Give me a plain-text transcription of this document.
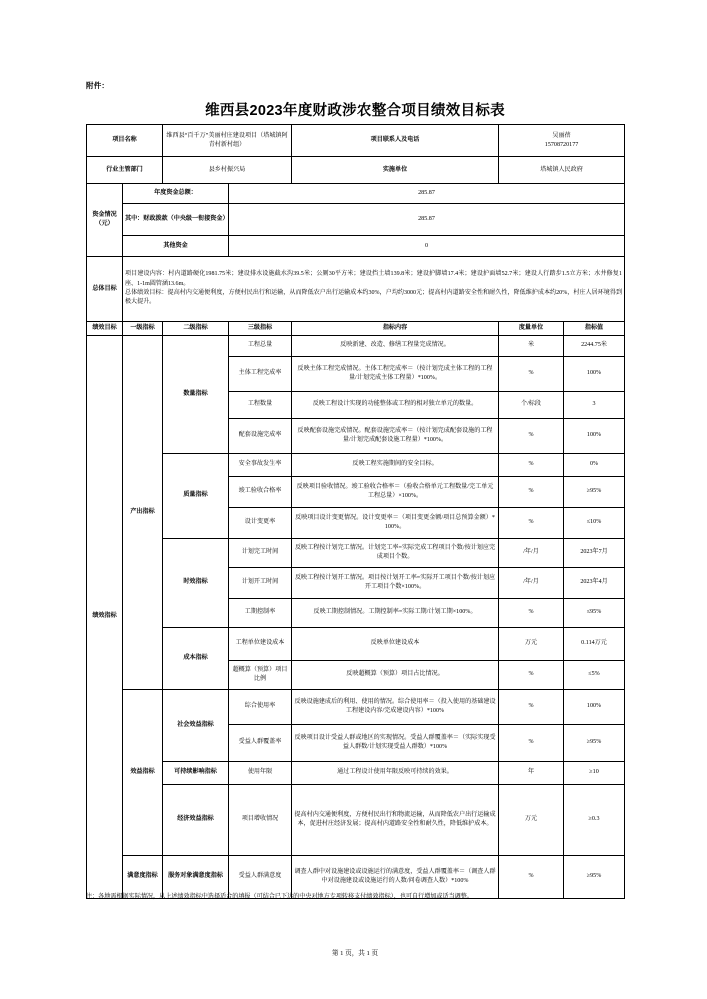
附件：
维西县2023年度财政涉农整合项目绩效目标表
项目名称		维西县“百千万”美丽村庄建设项目（塔城镇阿青村新村组）		项目联系人及电话	吴丽蓓
15708720177	

行业主管部门		县乡村振兴局		实施单位	塔城镇人民政府	
资金情况（元）	年度资金总额：		285.87			
	其中：财政拨款（中央级一衔接资金）		285.87			
	其他资金		0			
总体目标	项目建设内容：村内道路硬化1981.75米；建设排水设施截水沟39.5米；公厕30平方米；建设挡土墙139.8米；建设护脚墙17.4米；建设护面墙52.7米；建设人行踏步1.5立方米；水井修复1座、1-1m圆管涵13.6m。

总体绩效目标：提高村内交通便利度，方便村民出行和运输，从而降低农户出行运输成本约30%，户均约3000元；提高村内道路安全性和耐久性，降低维护成本约20%，村庄人居环境得到极大提升。					

绩效目标	一级指标	二级指标	三级指标	指标内容	度量单位	指标值
绩效指标	产出指标	数量指标	工程总量	反映新建、改造、修缮工程量完成情况。	米	2244.75米
			主体工程完成率	反映主体工程完成情况。主体工程完成率＝（按计划完成主体工程的工程量/计划完成主体工程量）*100%。	%	100%
			工程数量	反映工程设计实现的功能整体或工程的相对独立单元的数量。	个/标段	3
			配套设施完成率	反映配套设施完成情况。配套设施完成率＝（按计划完成配套设施的工程量/计划完成配套设施工程量）*100%。	%	100%
		质量指标	安全事故发生率	反映工程实施期间的安全目标。	%	0%
			竣工验收合格率	反映项目验收情况。竣工验收合格率＝（验收合格单元工程数量/完工单元工程总量）×100%。	%	≥95%
			设计变更率	反映项目设计变更情况。设计变更率＝（项目变更金额/项目总预算金额）*100%。	%	≤10%
		时效指标	计划完工时间	反映工程按计划完工情况。计划完工率=实际完成工程项目个数/按计划应完成项目个数。	/年/月	2023年7月
			计划开工时间	反映工程按计划开工情况。项目按计划开工率=实际开工项目个数/按计划应开工项目个数×100%。	/年/月	2023年4月
			工期控制率	反映工期控制情况。工期控制率=实际工期/计划工期×100%。	%	≤95%
		成本指标	工程单位建设成本	反映单位建设成本	万元	0.114万元
			超概算（预算）项目比例	反映超概算（预算）项目占比情况。	%	≤5%
	效益指标	社会效益指标	综合使用率	反映设施建成后的利用、使用的情况。综合使用率＝（投入使用的基础建设工程建设内容/完成建设内容）*100%	%	100%
			受益人群覆盖率	反映项目设计受益人群或地区的实现情况。受益人群覆盖率＝（实际实现受益人群数/计划实现受益人群数）*100%	%	≥95%
		可持续影响指标	使用年限	通过工程设计使用年限反映可持续的效果。	年	≥10
		经济效益指标	项目增收情况	提高村内交通便利度，方便村民出行和物流运输，从而降低农户出行运输成本，促进村庄经济发展；提高村内道路安全性和耐久性，降低维护成本。	万元	≥0.3
	满意度指标	服务对象满意度指标	受益人群满意度	调查人群中对设施建设或设施运行的满意度，受益人群覆盖率＝（调查人群中对设施建设或设施运行的人数/问卷调查人数）*100%	%	≥95%
注：各地需根据实际情况，从上述绩效指标中选择适合的填报（可结合已下达的中央对地方专项转移支付绩效指标），也可自行增加或适当调整。
第 1 页，共 1 页
